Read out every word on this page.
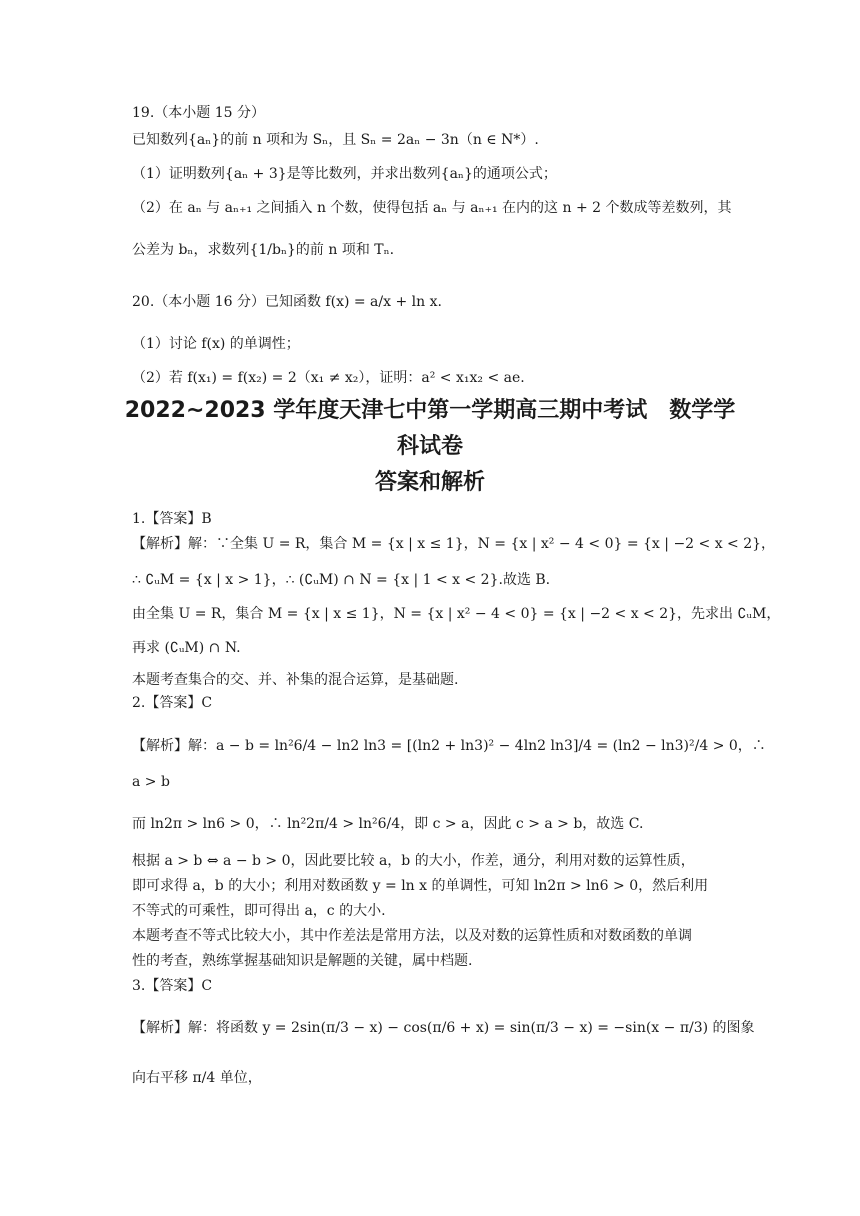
19.（本小题 15 分）
已知数列{aₙ}的前 n 项和为 Sₙ，且 Sₙ = 2aₙ − 3n（n ∈ N*）.
（1）证明数列{aₙ + 3}是等比数列，并求出数列{aₙ}的通项公式；
（2）在 aₙ 与 aₙ₊₁ 之间插入 n 个数，使得包括 aₙ 与 aₙ₊₁ 在内的这 n + 2 个数成等差数列，其
公差为 bₙ，求数列{1/bₙ}的前 n 项和 Tₙ.
20.（本小题 16 分）已知函数 f(x) = a/x + ln x.
（1）讨论 f(x) 的单调性；
（2）若 f(x₁) = f(x₂) = 2（x₁ ≠ x₂），证明：a² < x₁x₂ < ae.
2022~2023 学年度天津七中第一学期高三期中考试　数学学
科试卷
答案和解析
1.【答案】B
【解析】解：∵全集 U = R，集合 M = {x | x ≤ 1}，N = {x | x² − 4 < 0} = {x | −2 < x < 2}，
∴ ∁ᵤM = {x | x > 1}，∴ (∁ᵤM) ∩ N = {x | 1 < x < 2}.故选 B.
由全集 U = R，集合 M = {x | x ≤ 1}，N = {x | x² − 4 < 0} = {x | −2 < x < 2}，先求出 ∁ᵤM，
再求 (∁ᵤM) ∩ N.
本题考查集合的交、并、补集的混合运算，是基础题.
2.【答案】C
【解析】解：a − b = ln²6/4 − ln2 ln3 = [(ln2 + ln3)² − 4ln2 ln3]/4 = (ln2 − ln3)²/4 > 0，∴
a > b
而 ln2π > ln6 > 0，∴ ln²2π/4 > ln²6/4，即 c > a，因此 c > a > b，故选 C.
根据 a > b ⇔ a − b > 0，因此要比较 a，b 的大小，作差，通分，利用对数的运算性质，
即可求得 a，b 的大小；利用对数函数 y = ln x 的单调性，可知 ln2π > ln6 > 0，然后利用
不等式的可乘性，即可得出 a，c 的大小.
本题考查不等式比较大小，其中作差法是常用方法，以及对数的运算性质和对数函数的单调
性的考查，熟练掌握基础知识是解题的关键，属中档题.
3.【答案】C
【解析】解：将函数 y = 2sin(π/3 − x) − cos(π/6 + x) = sin(π/3 − x) = −sin(x − π/3) 的图象
向右平移 π/4 单位，
